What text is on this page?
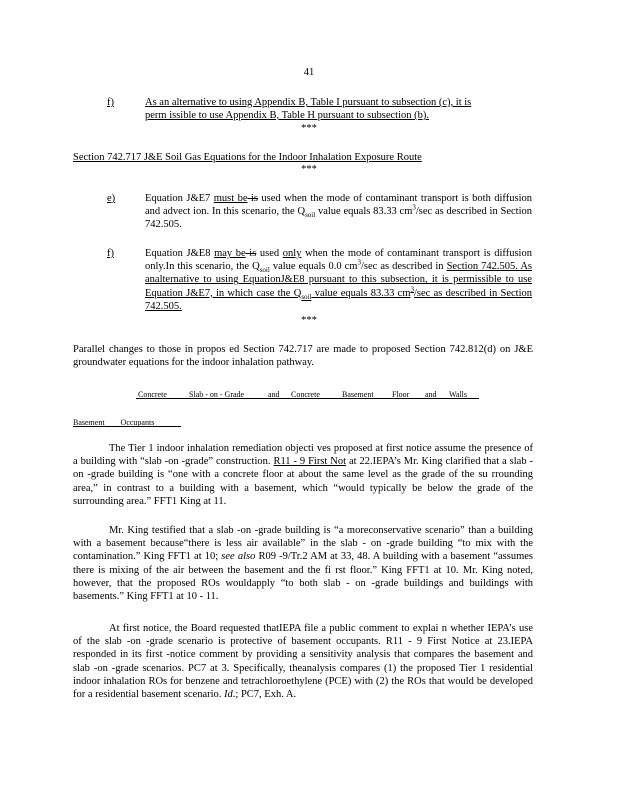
41
f)	As an alternative to using Appendix B, Table I pursuant to subsection (c), it is
perm issible to use Appendix B, Table H pursuant to subsection (b).
***
Section 742.717 J&E Soil Gas Equations for the Indoor Inhalation Exposure Route
***
e)	Equation J&E7 must be is used when the mode of contaminant transport is both diffusion and advect ion. In this scenario, the $Q_{soil}$ value equals 83.33 $cm^3/\sec$ as described in Section 742.505.
f)	Equation J&E8 may be is used only when the mode of contaminant transport is diffusion only.In this scenario, the $Q_{soil}$ value equals 0.0 $cm^3/\sec$ as described in Section 742.505. As analternative to using EquationJ&E8 pursuant to this subsection, it is permissible to use Equation J&E7, in which case the $Q_{soil}$ value equals 83.33 $cm^3/\sec$ as described in Section 742.505.
***
Parallel changes to those in propos ed Section 742.717 are made to proposed Section 742.812(d) on J&E groundwater equations for the indoor inhalation pathway.
Concrete	Slab - on - Grade	and Concrete	Basement Floor and Walls
Basement Occupants
The Tier 1 indoor inhalation remediation objecti ves proposed at first notice assume the presence of a building with “slab -on -grade” construction. R11 - 9 First Not at 22.IEPA’s Mr. King clarified that a slab -on -grade building is “one with a concrete floor at about the same level as the grade of the su rrounding area,” in contrast to a building with a basement, which “would typically be below the grade of the surrounding area.” FFT1 King at 11.
Mr. King testified that a slab -on -grade building is “a moreconservative scenario” than a building with a basement because“there is less air available” in the slab - on -grade building “to mix with the contamination.” King FFT1 at 10; see also R09 -9/Tr.2 AM at 33, 48. A building with a basement “assumes there is mixing of the air between the basement and the fi rst floor.” King FFT1 at 10. Mr. King noted, however, that the proposed ROs wouldapply “to both slab - on -grade buildings and buildings with basements.” King FFT1 at 10 - 11.
At first notice, the Board requested thatIEPA file a public comment to explai n whether IEPA’s use of the slab -on -grade scenario is protective of basement occupants. R11 - 9 First Notice at 23.IEPA responded in its first -notice comment by providing a sensitivity analysis that compares the basement and slab -on -grade scenarios. PC7 at 3. Specifically, theanalysis compares (1) the proposed Tier 1 residential indoor inhalation ROs for benzene and tetrachloroethylene (PCE) with (2) the ROs that would be developed for a residential basement scenario. Id.; PC7, Exh. A.
